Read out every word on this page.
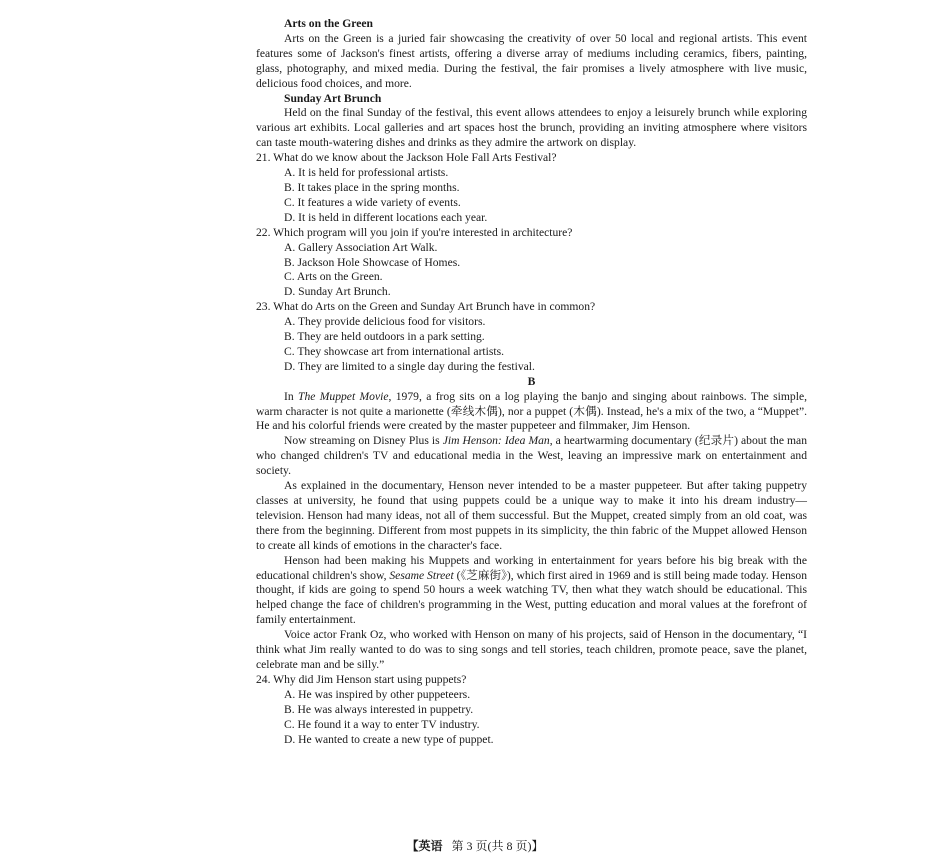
Arts on the Green

Arts on the Green is a juried fair showcasing the creativity of over 50 local and regional artists. This event features some of Jackson's finest artists, offering a diverse array of mediums including ceramics, fibers, painting, glass, photography, and mixed media. During the festival, the fair promises a lively atmosphere with live music, delicious food choices, and more.

Sunday Art Brunch

Held on the final Sunday of the festival, this event allows attendees to enjoy a leisurely brunch while exploring various art exhibits. Local galleries and art spaces host the brunch, providing an inviting atmosphere where visitors can taste mouth-watering dishes and drinks as they admire the artwork on display.

21. What do we know about the Jackson Hole Fall Arts Festival?

A. It is held for professional artists.

B. It takes place in the spring months.

C. It features a wide variety of events.

D. It is held in different locations each year.

22. Which program will you join if you're interested in architecture?

A. Gallery Association Art Walk.

B. Jackson Hole Showcase of Homes.

C. Arts on the Green.

D. Sunday Art Brunch.

23. What do Arts on the Green and Sunday Art Brunch have in common?

A. They provide delicious food for visitors.

B. They are held outdoors in a park setting.

C. They showcase art from international artists.

D. They are limited to a single day during the festival.

B

In The Muppet Movie, 1979, a frog sits on a log playing the banjo and singing about rainbows. The simple, warm character is not quite a marionette (牵线木偶), nor a puppet (木偶). Instead, he's a mix of the two, a “Muppet”. He and his colorful friends were created by the master puppeteer and filmmaker, Jim Henson.

Now streaming on Disney Plus is Jim Henson: Idea Man, a heartwarming documentary (纪录片) about the man who changed children's TV and educational media in the West, leaving an impressive mark on entertainment and society.

As explained in the documentary, Henson never intended to be a master puppeteer. But after taking puppetry classes at university, he found that using puppets could be a unique way to make it into his dream industry—television. Henson had many ideas, not all of them successful. But the Muppet, created simply from an old coat, was there from the beginning. Different from most puppets in its simplicity, the thin fabric of the Muppet allowed Henson to create all kinds of emotions in the character's face.

Henson had been making his Muppets and working in entertainment for years before his big break with the educational children's show, Sesame Street (《芝麻街》), which first aired in 1969 and is still being made today. Henson thought, if kids are going to spend 50 hours a week watching TV, then what they watch should be educational. This helped change the face of children's programming in the West, putting education and moral values at the forefront of family entertainment.

Voice actor Frank Oz, who worked with Henson on many of his projects, said of Henson in the documentary, “I think what Jim really wanted to do was to sing songs and tell stories, teach children, promote peace, save the planet, celebrate man and be silly.”

24. Why did Jim Henson start using puppets?

A. He was inspired by other puppeteers.

B. He was always interested in puppetry.

C. He found it a way to enter TV industry.

D. He wanted to create a new type of puppet.

【英语 第 3 页(共 8 页)】
